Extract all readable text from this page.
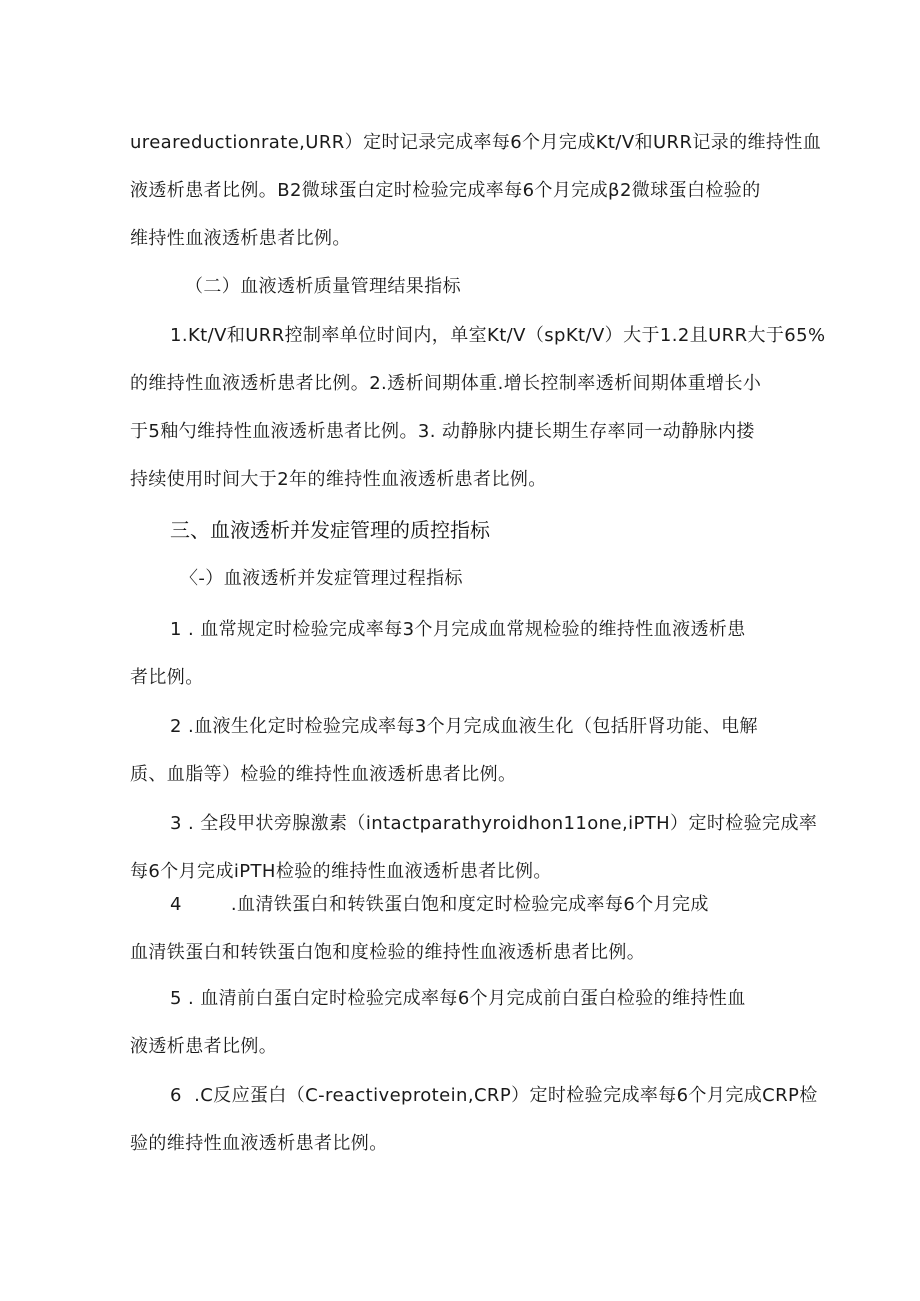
ureareductionrate,URR）定时记录完成率每6个月完成Kt/V和URR记录的维持性血
液透析患者比例。B2微球蛋白定时检验完成率每6个月完成β2微球蛋白检验的
维持性血液透析患者比例。
（二）血液透析质量管理结果指标
1.Kt/V和URR控制率单位时间内，单室Kt/V（spKt/V）大于1.2且URR大于65%
的维持性血液透析患者比例。2.透析间期体重.增长控制率透析间期体重增长小
于5釉勺维持性血液透析患者比例。3. 动静脉内捷长期生存率同一动静脉内搂
持续使用时间大于2年的维持性血液透析患者比例。
三、血液透析并发症管理的质控指标
〈-）血液透析并发症管理过程指标
1 . 血常规定时检验完成率每3个月完成血常规检验的维持性血液透析患
者比例。
2 .血液生化定时检验完成率每3个月完成血液生化（包括肝肾功能、电解
质、血脂等）检验的维持性血液透析患者比例。
3 . 全段甲状旁腺激素（intactparathyroidhon11one,iPTH）定时检验完成率
每6个月完成iPTH检验的维持性血液透析患者比例。
4        .血清铁蛋白和转铁蛋白饱和度定时检验完成率每6个月完成
血清铁蛋白和转铁蛋白饱和度检验的维持性血液透析患者比例。
5 . 血清前白蛋白定时检验完成率每6个月完成前白蛋白检验的维持性血
液透析患者比例。
6  .C反应蛋白（C-reactiveprotein,CRP）定时检验完成率每6个月完成CRP检
验的维持性血液透析患者比例。
